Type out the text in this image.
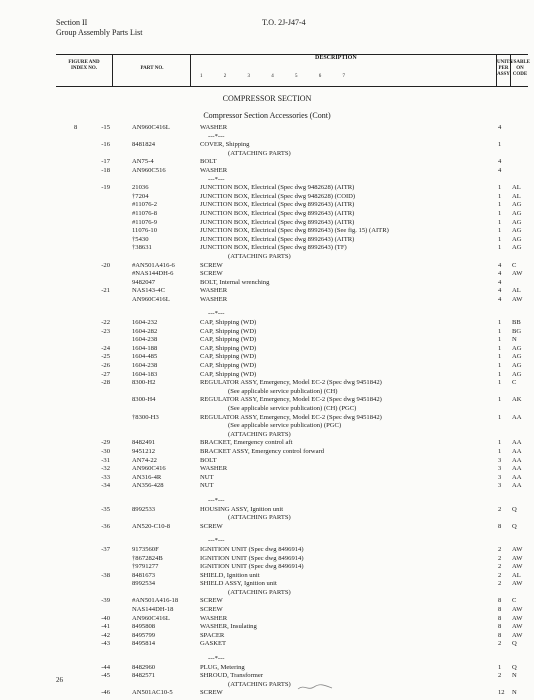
Section II
Group Assembly Parts List
T.O. 2J-J47-4
FIGURE AND INDEX NO.	PART NO.
DESCRIPTION
1 2 3 4 5 6 7
UNITS PER ASSY
USABLE ON CODE
COMPRESSOR SECTION
Compressor Section Accessories (Cont)
8	-15	AN960C416L	WASHER	4
---*---
-16	8481824	COVER, Shipping	1
(ATTACHING PARTS)
-17	AN75-4	BOLT	4
-18	AN960C516	WASHER	4
---*---
-19	21036	JUNCTION BOX, Electrical (Spec dwg 9482628) (AITR)	1 AL
†7204	JUNCTION BOX, Electrical (Spec dwg 9482628) (COID)	1 AL
#11076-2	JUNCTION BOX, Electrical (Spec dwg 8992643) (AITR)	1 AG
#11076-8	JUNCTION BOX, Electrical (Spec dwg 8992643) (AITR)	1 AG
#11076-9	JUNCTION BOX, Electrical (Spec dwg 8992643) (AITR)	1 AG
11076-10	JUNCTION BOX, Electrical (Spec dwg 8992643) (See fig. 15) (AITR)	1 AG
†5430	JUNCTION BOX, Electrical (Spec dwg 8992643) (AITR)	1 AG
†38631	JUNCTION BOX, Electrical (Spec dwg 8992643) (TF)	1 AG
(ATTACHING PARTS)
-20	#AN501A416-6	SCREW	4 C
#NAS144DH-6	SCREW	4 AW
9482047	BOLT, Internal wrenching	4
-21	NAS143-4C	WASHER	4 AL
AN960C416L	WASHER	4 AW
---*---
-22	1604-232	CAP, Shipping (WD)	1 BB
-23	1604-282	CAP, Shipping (WD)	1 BG
1604-238	CAP, Shipping (WD)	1 N
-24	1604-188	CAP, Shipping (WD)	1 AG
-25	1604-485	CAP, Shipping (WD)	1 AG
-26	1604-238	CAP, Shipping (WD)	1 AG
-27	1604-183	CAP, Shipping (WD)	1 AG
-28	8300-H2	REGULATOR ASSY, Emergency, Model EC-2 (Spec dwg 9451842)	1 C
(See applicable service publication) (CH)
8300-H4	REGULATOR ASSY, Emergency, Model EC-2 (Spec dwg 9451842)	1 AK
(See applicable service publication) (CH) (PGC)
†8300-H3	REGULATOR ASSY, Emergency, Model EC-2 (Spec dwg 9451842)	1 AA
(See applicable service publication) (PGC)
(ATTACHING PARTS)
-29	8482491	BRACKET, Emergency control aft	1 AA
-30	9451212	BRACKET ASSY, Emergency control forward	1 AA
-31	AN74-22	BOLT	3 AA
-32	AN960C416	WASHER	3 AA
-33	AN316-4R	NUT	3 AA
-34	AN356-428	NUT	3 AA
---*---
-35	8992533	HOUSING ASSY, Ignition unit	2 Q
(ATTACHING PARTS)
-36	AN520-C10-8	SCREW	8 Q
---*---
-37	9173560F	IGNITION UNIT (Spec dwg 8496914)	2 AW
†8672824B	IGNITION UNIT (Spec dwg 8496914)	2 AW
†9791277	IGNITION UNIT (Spec dwg 8496914)	2 AW
-38	8481673	SHIELD, Ignition unit	2 AL
8992534	SHIELD ASSY, Ignition unit	2 AW
(ATTACHING PARTS)
-39	#AN501A416-18	SCREW	8 C
NAS144DH-18	SCREW	8 AW
-40	AN960C416L	WASHER	8 AW
-41	8495808	WASHER, Insulating	8 AW
-42	8495799	SPACER	8 AW
-43	8495814	GASKET	2 Q
---*---
-44	8482960	PLUG, Metering	1 Q
-45	8482571	SHROUD, Transformer	2 N
(ATTACHING PARTS)
-46	AN501AC10-5	SCREW	12 N
26
